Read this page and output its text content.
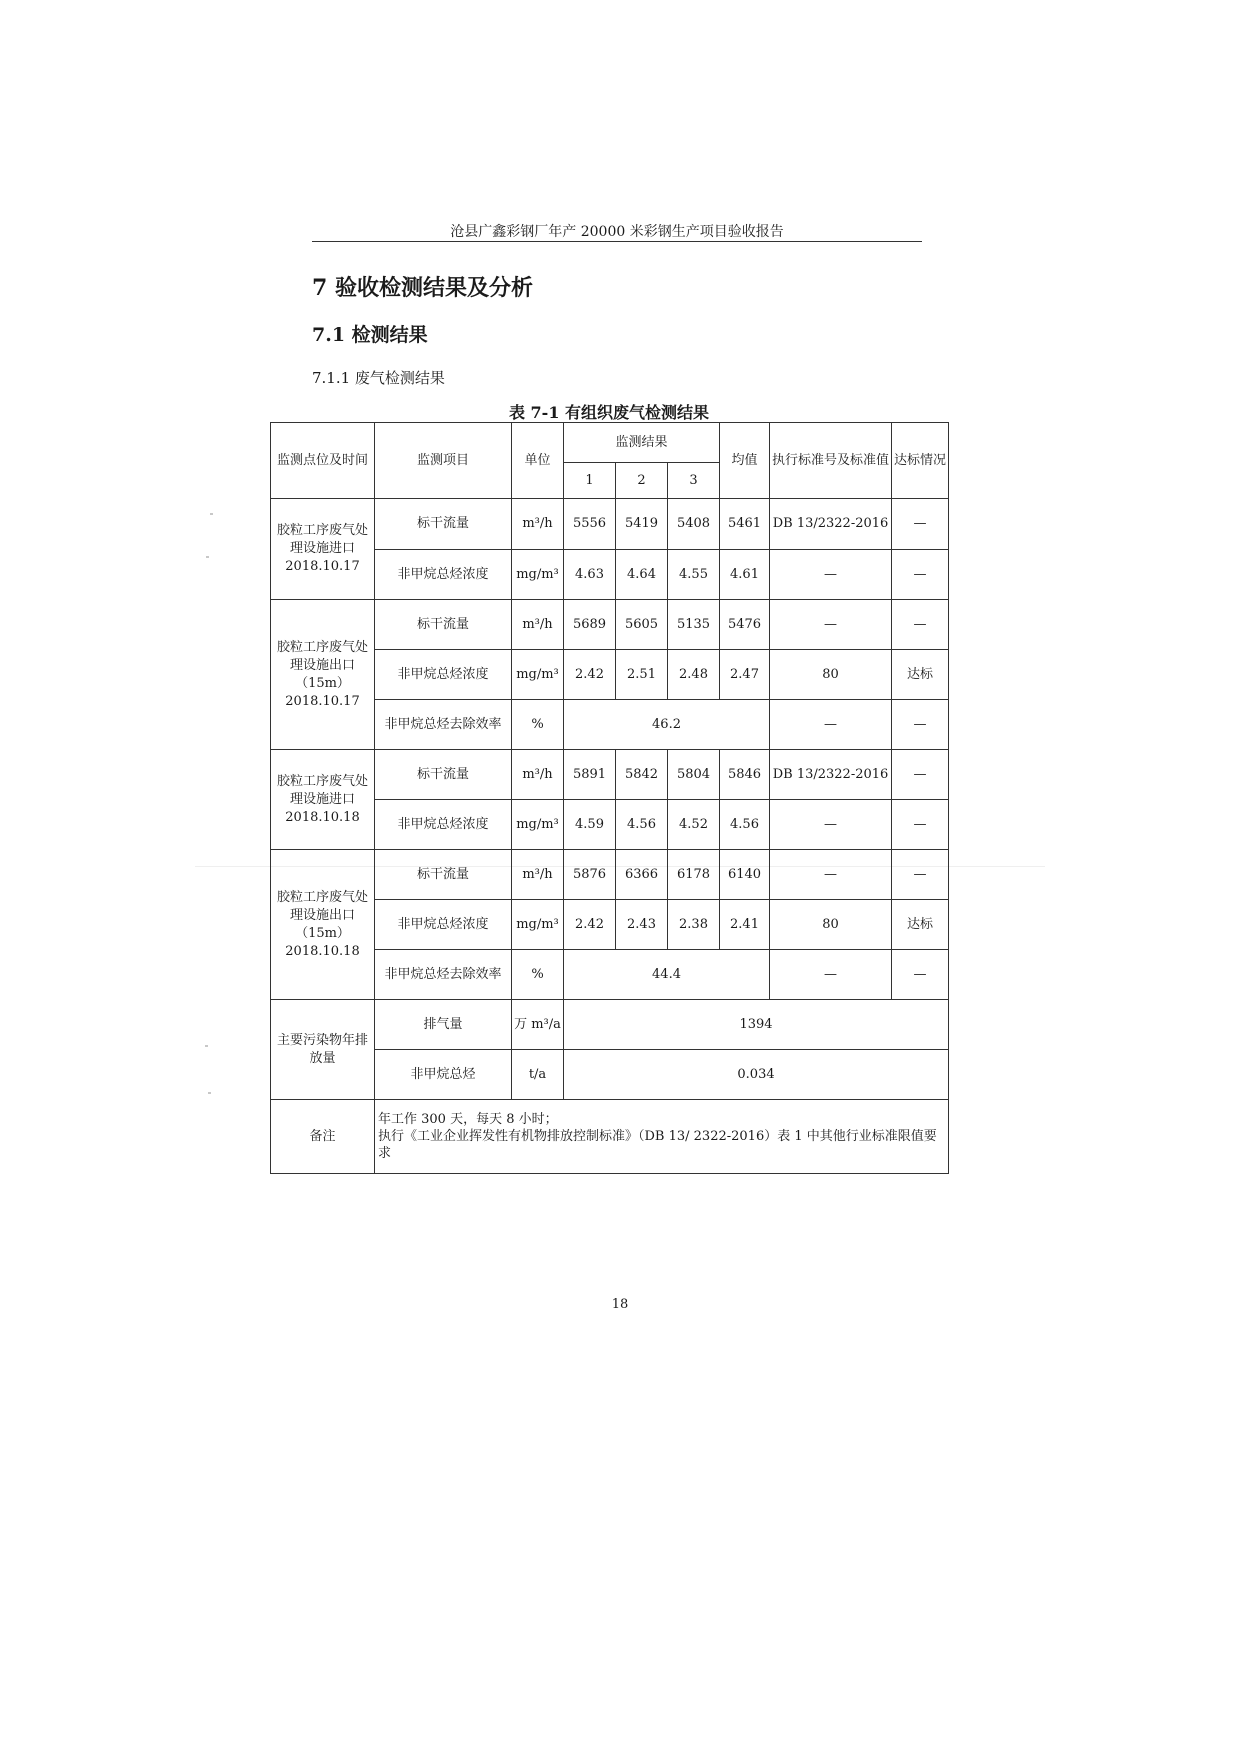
沧县广鑫彩钢厂年产 20000 米彩钢生产项目验收报告
7 验收检测结果及分析
7.1 检测结果
7.1.1 废气检测结果
表 7-1 有组织废气检测结果
监测点位及时间	监测项目	单位	监测结果			均值	执行标准号及标准值	达标情况
			1	2	3			
胶粒工序废气处理设施进口 2018.10.17	标干流量	m³/h	5556	5419	5408	5461	DB 13/2322-2016	—
	非甲烷总烃浓度	mg/m³	4.63	4.64	4.55	4.61	—	—
胶粒工序废气处理设施出口（15m）2018.10.17	标干流量	m³/h	5689	5605	5135	5476	—	—
	非甲烷总烃浓度	mg/m³	2.42	2.51	2.48	2.47	80	达标
	非甲烷总烃去除效率	%	46.2				—	—
胶粒工序废气处理设施进口 2018.10.18	标干流量	m³/h	5891	5842	5804	5846	DB 13/2322-2016	—
	非甲烷总烃浓度	mg/m³	4.59	4.56	4.52	4.56	—	—
胶粒工序废气处理设施出口（15m）2018.10.18	标干流量	m³/h	5876	6366	6178	6140	—	—
	非甲烷总烃浓度	mg/m³	2.42	2.43	2.38	2.41	80	达标
	非甲烷总烃去除效率	%	44.4				—	—
主要污染物年排放量	排气量	万 m³/a	1394					
	非甲烷总烃	t/a	0.034					
备注	年工作 300 天，每天 8 小时；
执行《工业企业挥发性有机物排放控制标准》（DB 13/ 2322-2016）表 1 中其他行业标准限值要求							
18
